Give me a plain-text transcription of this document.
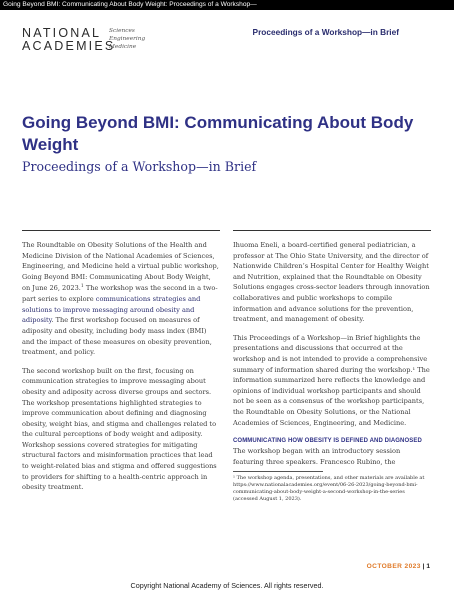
Going Beyond BMI: Communicating About Body Weight: Proceedings of a Workshop—
NATIONAL
ACADEMIES
Sciences
Engineering
Medicine
Proceedings of a Workshop—in Brief
Going Beyond BMI: Communicating About Body Weight
Proceedings of a Workshop—in Brief

The Roundtable on Obesity Solutions of the Health and Medicine Division of the National Academies of Sciences, Engineering, and Medicine held a virtual public workshop, Going Beyond BMI: Communicating About Body Weight, on June 26, 2023.$^1$ The workshop was the second in a two-part series to explore communications strategies and solutions to improve messaging around obesity and adiposity. The first workshop focused on measures of adiposity and obesity, including body mass index (BMI) and the impact of these measures on obesity prevention, treatment, and policy.

The second workshop built on the first, focusing on communication strategies to improve messaging about obesity and adiposity across diverse groups and sectors. The workshop presentations highlighted strategies to improve communication about defining and diagnosing obesity, weight bias, and stigma and challenges related to the cultural perceptions of body weight and adiposity. Workshop sessions covered strategies for mitigating structural factors and misinformation practices that lead to weight-related bias and stigma and offered suggestions to providers for shifting to a health-centric approach in obesity treatment.

Ihuoma Eneli, a board-certified general pediatrician, a professor at The Ohio State University, and the director of Nationwide Children’s Hospital Center for Healthy Weight and Nutrition, explained that the Roundtable on Obesity Solutions engages cross-sector leaders through innovation collaboratives and public workshops to compile information and advance solutions for the prevention, treatment, and management of obesity.

This Proceedings of a Workshop—in Brief highlights the presentations and discussions that occurred at the workshop and is not intended to provide a comprehensive summary of information shared during the workshop.¹ The information summarized here reflects the knowledge and opinions of individual workshop participants and should not be seen as a consensus of the workshop participants, the Roundtable on Obesity Solutions, or the National Academies of Sciences, Engineering, and Medicine.

COMMUNICATING HOW OBESITY IS DEFINED AND DIAGNOSED

The workshop began with an introductory session featuring three speakers. Francesco Rubino, the

¹ The workshop agenda, presentations, and other materials are available at https://www.nationalacademies.org/event/06-26-2023/going-beyond-bmi-communicating-about-body-weight-a-second-workshop-in-the-series (accessed August 1, 2023).

OCTOBER 2023 | 1
Copyright National Academy of Sciences. All rights reserved.
